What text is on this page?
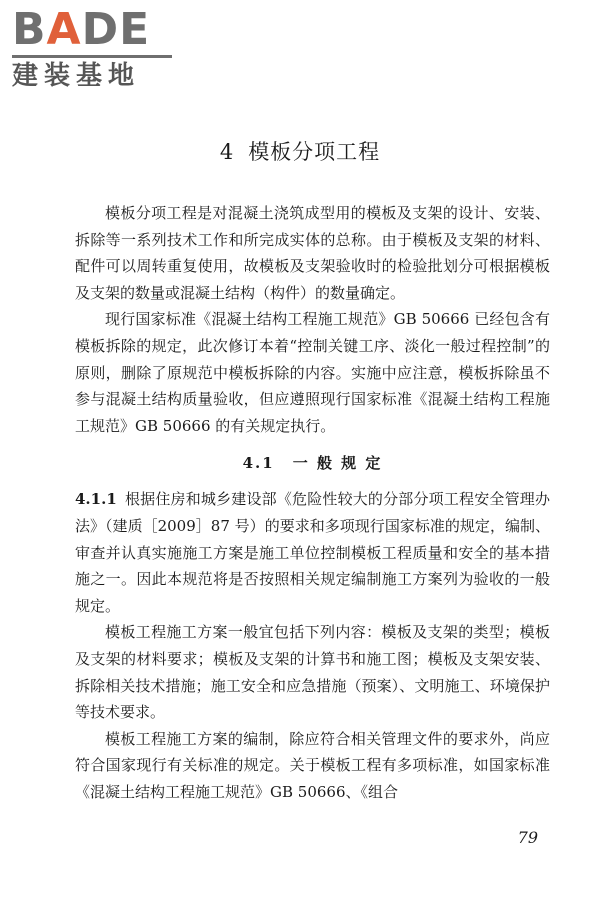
BADE
建装基地
4 模板分项工程

模板分项工程是对混凝土浇筑成型用的模板及支架的设计、安装、拆除等一系列技术工作和所完成实体的总称。由于模板及支架的材料、配件可以周转重复使用，故模板及支架验收时的检验批划分可根据模板及支架的数量或混凝土结构（构件）的数量确定。

现行国家标准《混凝土结构工程施工规范》GB 50666 已经包含有模板拆除的规定，此次修订本着“控制关键工序、淡化一般过程控制”的原则，删除了原规范中模板拆除的内容。实施中应注意，模板拆除虽不参与混凝土结构质量验收，但应遵照现行国家标准《混凝土结构工程施工规范》GB 50666 的有关规定执行。

4.1 一 般 规 定

4.1.1 根据住房和城乡建设部《危险性较大的分部分项工程安全管理办法》（建质［2009］87 号）的要求和多项现行国家标准的规定，编制、审查并认真实施施工方案是施工单位控制模板工程质量和安全的基本措施之一。因此本规范将是否按照相关规定编制施工方案列为验收的一般规定。

模板工程施工方案一般宜包括下列内容：模板及支架的类型；模板及支架的材料要求；模板及支架的计算书和施工图；模板及支架安装、拆除相关技术措施；施工安全和应急措施（预案）、文明施工、环境保护等技术要求。

模板工程施工方案的编制，除应符合相关管理文件的要求外，尚应符合国家现行有关标准的规定。关于模板工程有多项标准，如国家标准《混凝土结构工程施工规范》GB 50666、《组合

79
